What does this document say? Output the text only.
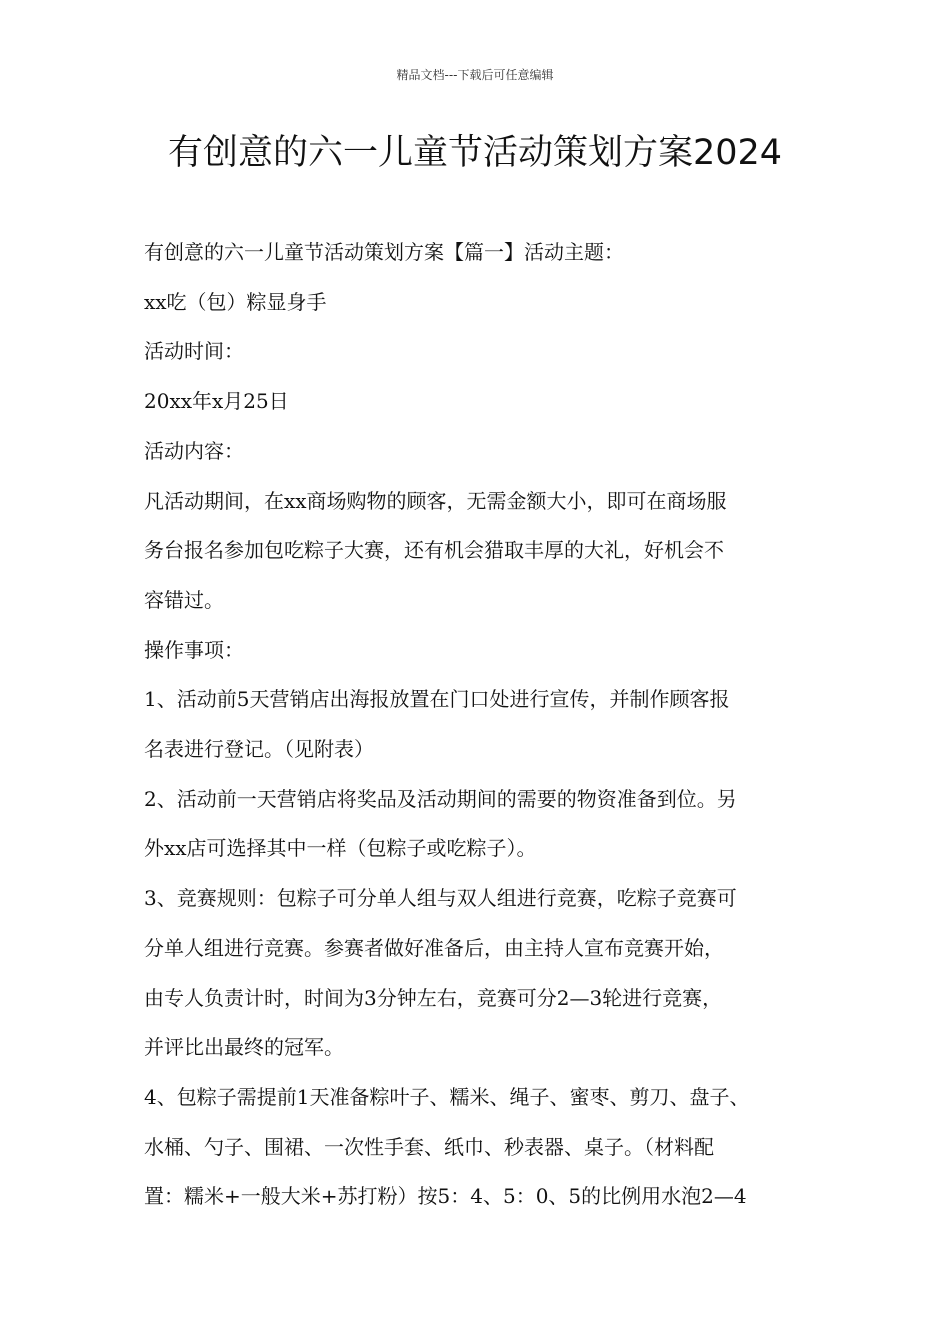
精品文档---下载后可任意编辑
有创意的六一儿童节活动策划方案2024

有创意的六一儿童节活动策划方案【篇一】活动主题：

xx吃（包）粽显身手

活动时间：

20xx年x月25日

活动内容：

凡活动期间，在xx商场购物的顾客，无需金额大小，即可在商场服

务台报名参加包吃粽子大赛，还有机会猎取丰厚的大礼，好机会不

容错过。

操作事项：

1、活动前5天营销店出海报放置在门口处进行宣传，并制作顾客报

名表进行登记。（见附表）

2、活动前一天营销店将奖品及活动期间的需要的物资准备到位。另

外xx店可选择其中一样（包粽子或吃粽子）。

3、竞赛规则：包粽子可分单人组与双人组进行竞赛，吃粽子竞赛可

分单人组进行竞赛。参赛者做好准备后，由主持人宣布竞赛开始，

由专人负责计时，时间为3分钟左右，竞赛可分2—3轮进行竞赛，

并评比出最终的冠军。

4、包粽子需提前1天准备粽叶子、糯米、绳子、蜜枣、剪刀、盘子、

水桶、勺子、围裙、一次性手套、纸巾、秒表器、桌子。（材料配

置：糯米+一般大米+苏打粉）按5：4、5：0、5的比例用水泡2—4
